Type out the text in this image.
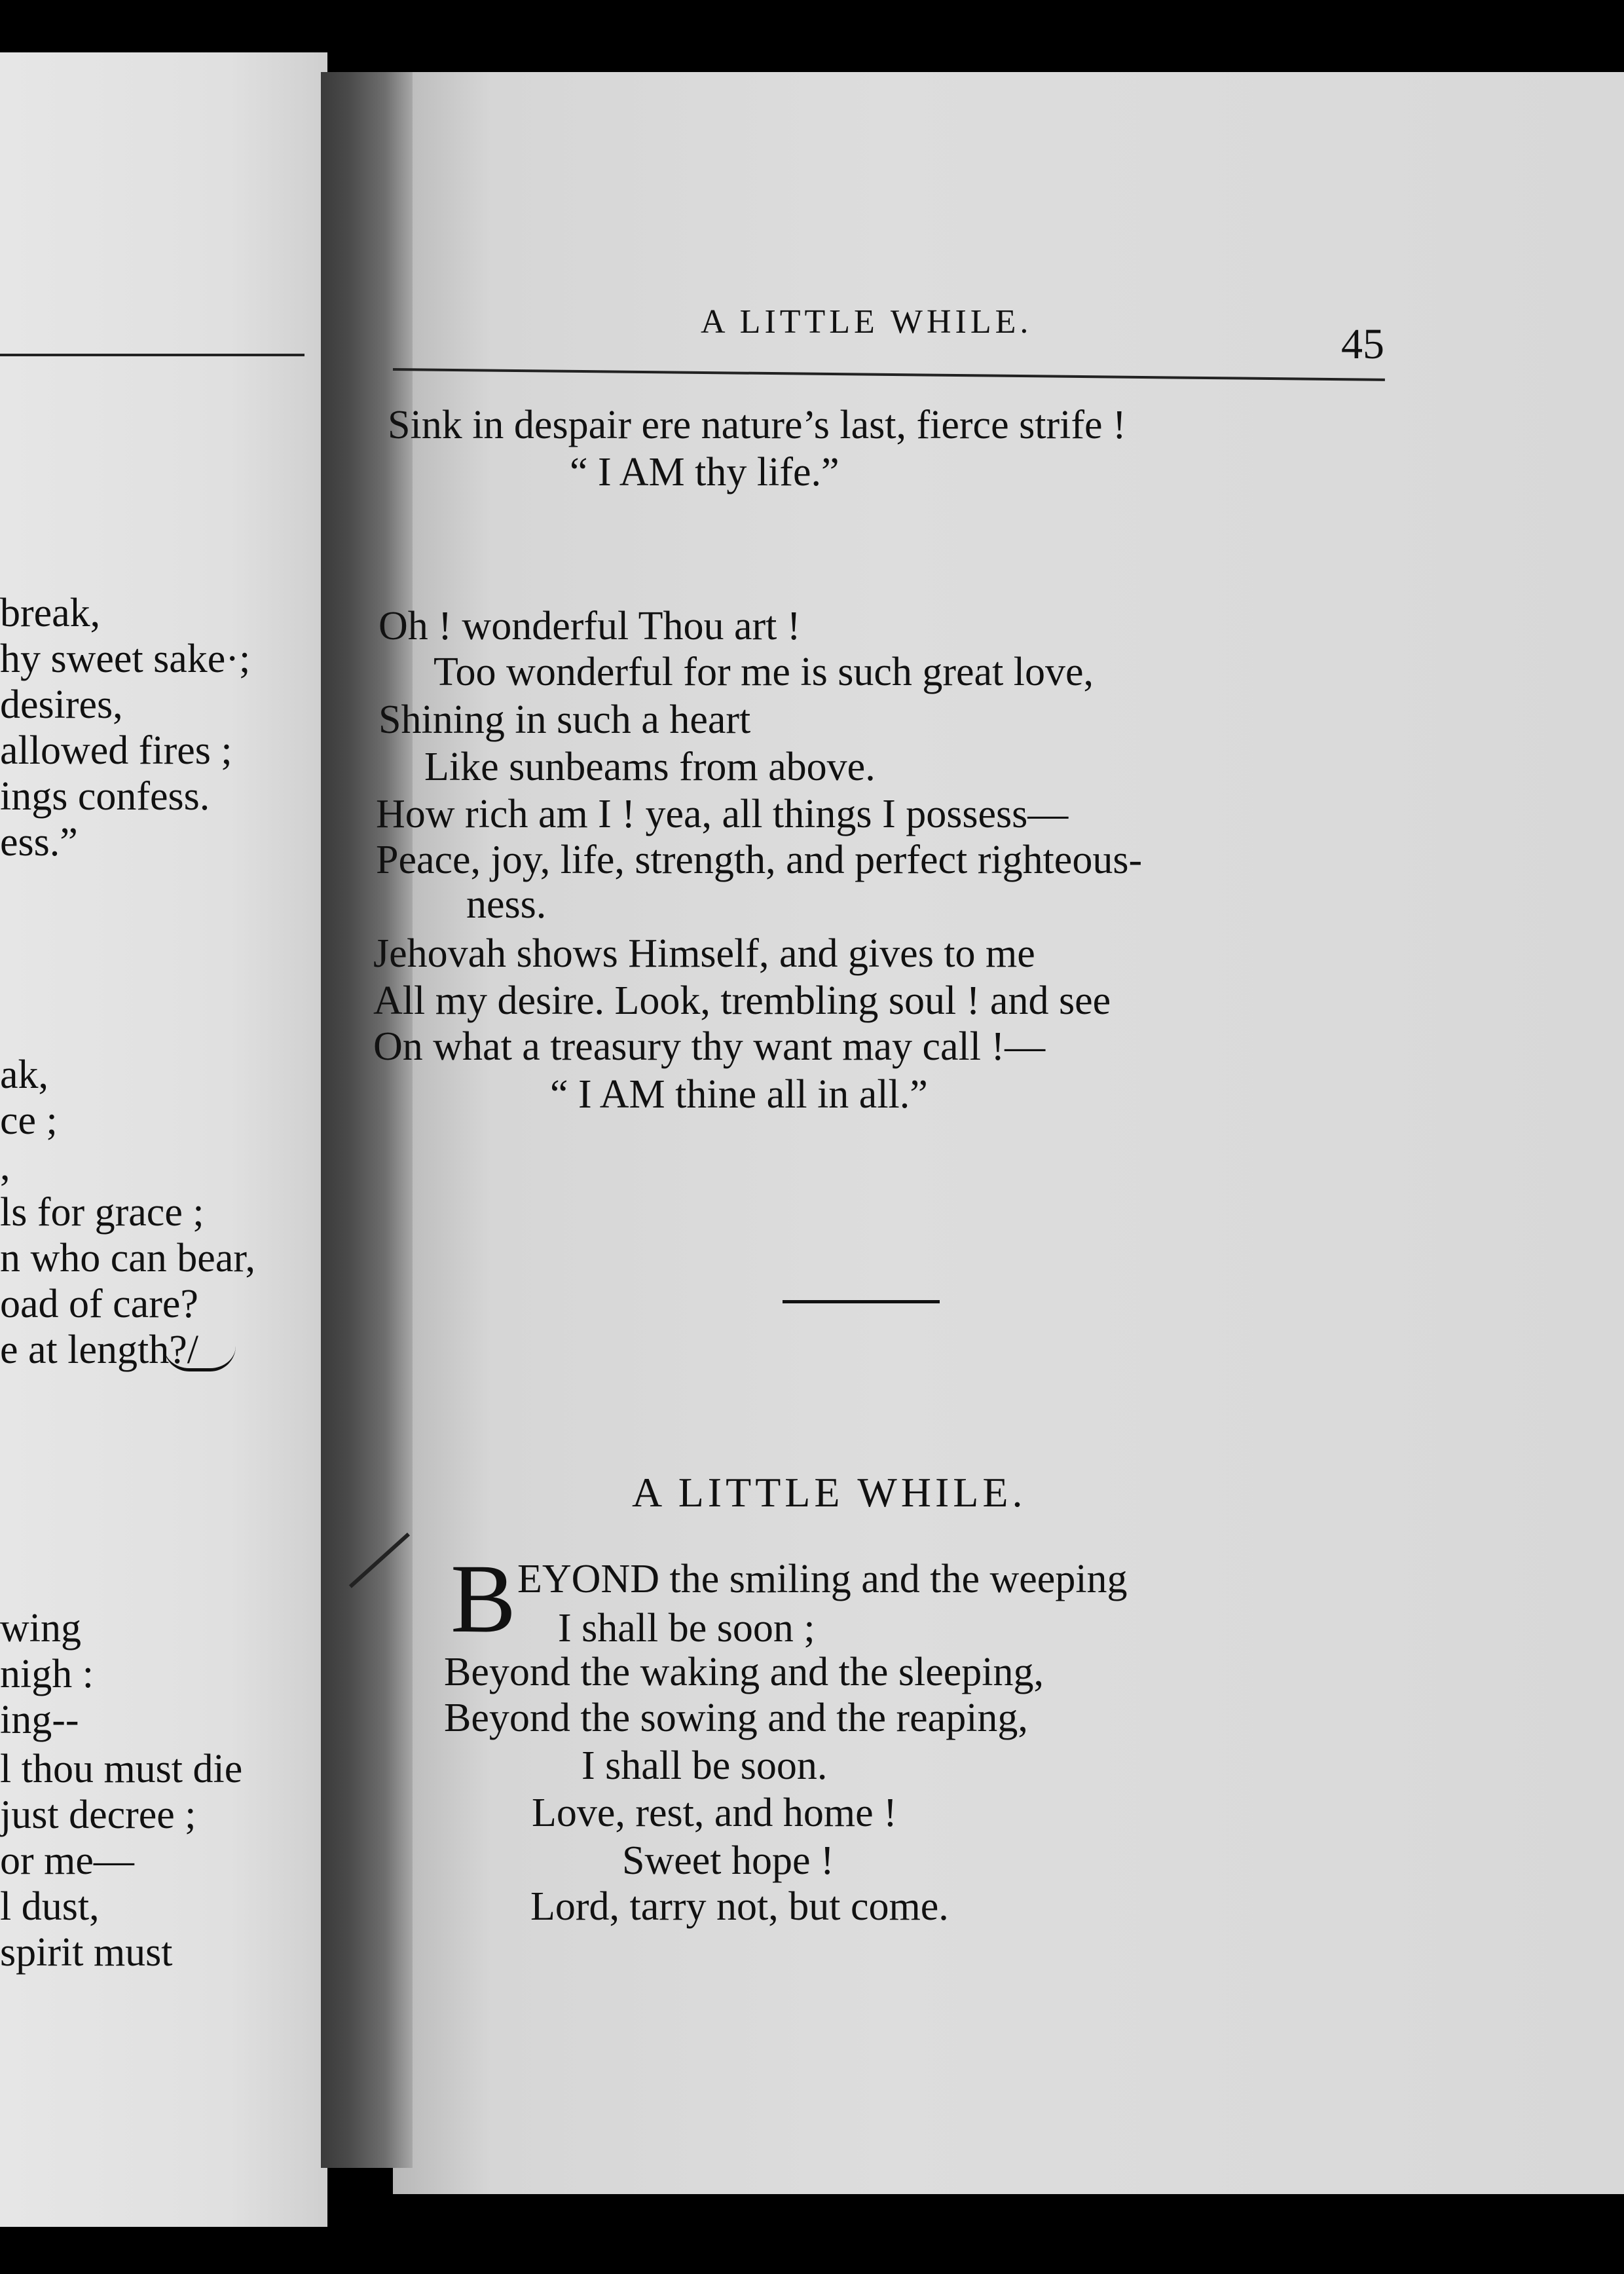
break,
hy sweet sake·;
desires,
allowed fires ;
ings confess.
ess.”
ak,
ce ;
,
ls for grace ;
n who can bear,
oad of care?
e at length?/
wing
nigh :
ing--
l thou must die
just decree ;
or me—
l dust,
spirit must
A LITTLE WHILE.	45
Sink in despair ere nature’s last, fierce strife !
“ I AM thy life.”
Oh ! wonderful Thou art !
Too wonderful for me is such great love,
Shining in such a heart
Like sunbeams from above.
How rich am I ! yea, all things I possess—
Peace, joy, life, strength, and perfect righteous-
ness.
Jehovah shows Himself, and gives to me
All my desire. Look, trembling soul ! and see
On what a treasury thy want may call !—
“ I AM thine all in all.”
A LITTLE WHILE.
B EYOND the smiling and the weeping
I shall be soon ;
Beyond the waking and the sleeping,
Beyond the sowing and the reaping,
I shall be soon.
Love, rest, and home !
Sweet hope !
Lord, tarry not, but come.
